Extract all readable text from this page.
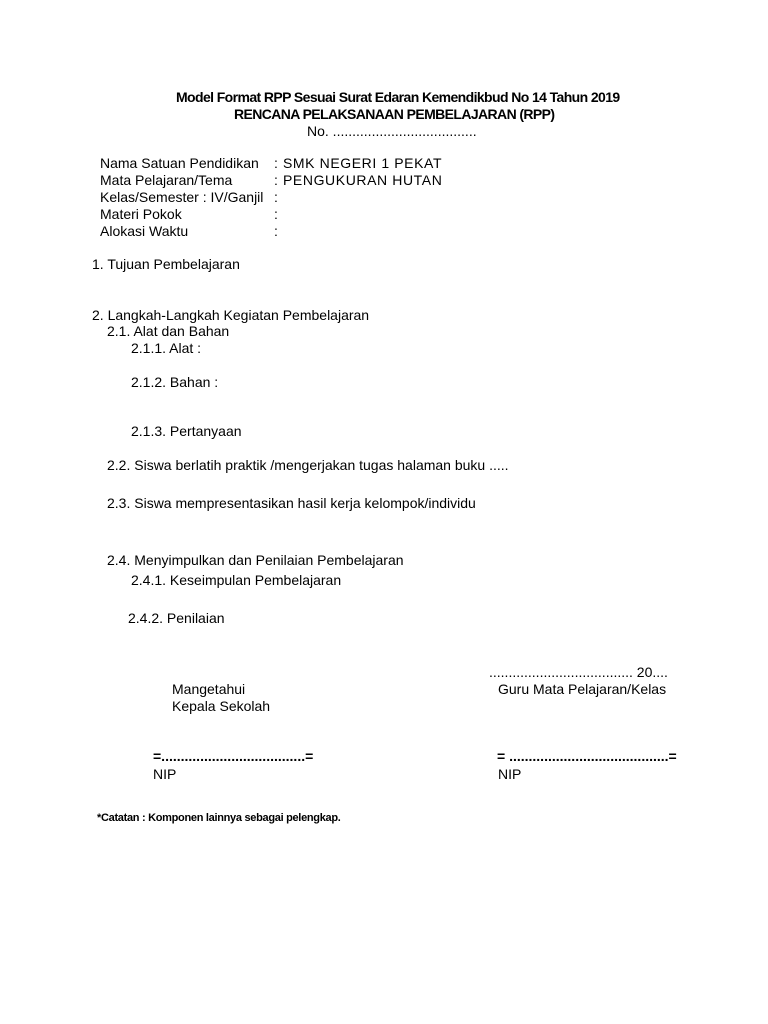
Model Format RPP Sesuai Surat Edaran Kemendikbud No 14 Tahun 2019
RENCANA PELAKSANAAN PEMBELAJARAN (RPP)
No. .....................................
Nama Satuan Pendidikan : SMK NEGERI 1 PEKAT
Mata Pelajaran/Tema	: PENGUKURAN HUTAN
Kelas/Semester : IV/Ganjil :
Materi Pokok	:
Alokasi Waktu	:
1. Tujuan Pembelajaran
2. Langkah-Langkah Kegiatan Pembelajaran
2.1. Alat dan Bahan
2.1.1. Alat :
2.1.2. Bahan :
2.1.3. Pertanyaan
2.2. Siswa berlatih praktik /mengerjakan tugas halaman buku .....
2.3. Siswa mempresentasikan hasil kerja kelompok/individu
2.4. Menyimpulkan dan Penilaian Pembelajaran
2.4.1. Keseimpulan Pembelajaran
2.4.2. Penilaian
..................................... 20....
Mangetahui
Kepala Sekolah
Guru Mata Pelajaran/Kelas
=.....................................=
NIP
= .........................................=
NIP
*Catatan : Komponen lainnya sebagai pelengkap.
